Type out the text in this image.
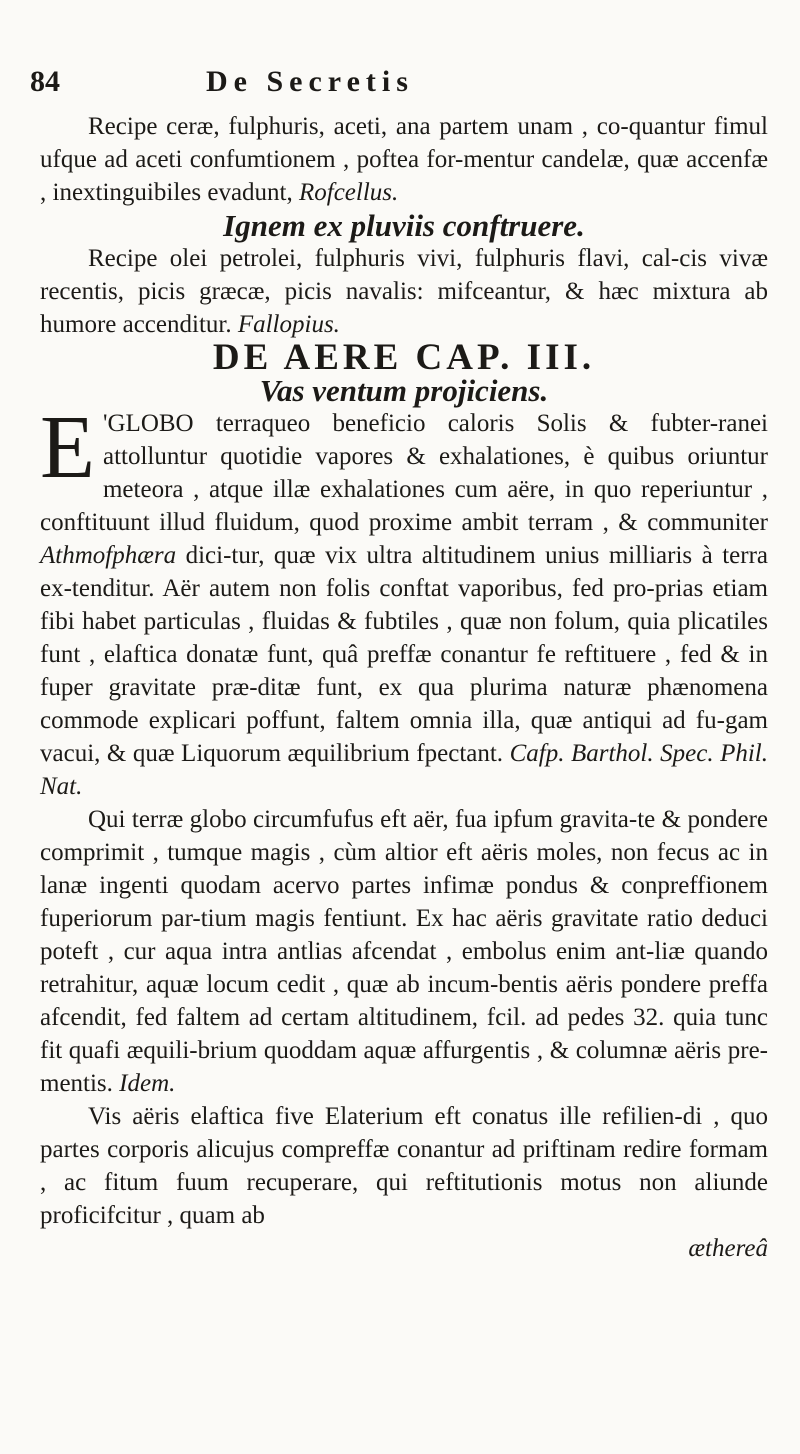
84	De Secretis

Recipe ceræ, fulphuris, aceti, ana partem unam , co-quantur fimul ufque ad aceti confumtionem , poftea for-mentur candelæ, quæ accenfæ , inextinguibiles evadunt, Rofcellus.

Ignem ex pluviis conftruere.

Recipe olei petrolei, fulphuris vivi, fulphuris flavi, cal-cis vivæ recentis, picis græcæ, picis navalis: mifceantur, & hæc mixtura ab humore accenditur. Fallopius.

DE AERE CAP. III.

Vas ventum projiciens.

E 'GLOBO terraqueo beneficio caloris Solis & fubter-ranei attolluntur quotidie vapores & exhalationes, è quibus oriuntur meteora , atque illæ exhalationes cum aëre, in quo reperiuntur , conftituunt illud fluidum, quod proxime ambit terram , & communiter Athmofphæra dici-tur, quæ vix ultra altitudinem unius milliaris à terra ex-tenditur. Aër autem non folis conftat vaporibus, fed pro-prias etiam fibi habet particulas , fluidas & fubtiles , quæ non folum, quia plicatiles funt , elaftica donatæ funt, quâ preffæ conantur fe reftituere , fed & in fuper gravitate præ-ditæ funt, ex qua plurima naturæ phænomena commode explicari poffunt, faltem omnia illa, quæ antiqui ad fu-gam vacui, & quæ Liquorum æquilibrium fpectant. Cafp. Barthol. Spec. Phil. Nat.

Qui terræ globo circumfufus eft aër, fua ipfum gravita-te & pondere comprimit , tumque magis , cùm altior eft aëris moles, non fecus ac in lanæ ingenti quodam acervo partes infimæ pondus & conpreffionem fuperiorum par-tium magis fentiunt. Ex hac aëris gravitate ratio deduci poteft , cur aqua intra antlias afcendat , embolus enim ant-liæ quando retrahitur, aquæ locum cedit , quæ ab incum-bentis aëris pondere preffa afcendit, fed faltem ad certam altitudinem, fcil. ad pedes 32. quia tunc fit quafi æquili-brium quoddam aquæ affurgentis , & columnæ aëris pre-mentis. Idem.

Vis aëris elaftica five Elaterium eft conatus ille refilien-di , quo partes corporis alicujus compreffæ conantur ad priftinam redire formam , ac fitum fuum recuperare, qui reftitutionis motus non aliunde proficifcitur , quam ab

æthereâ
